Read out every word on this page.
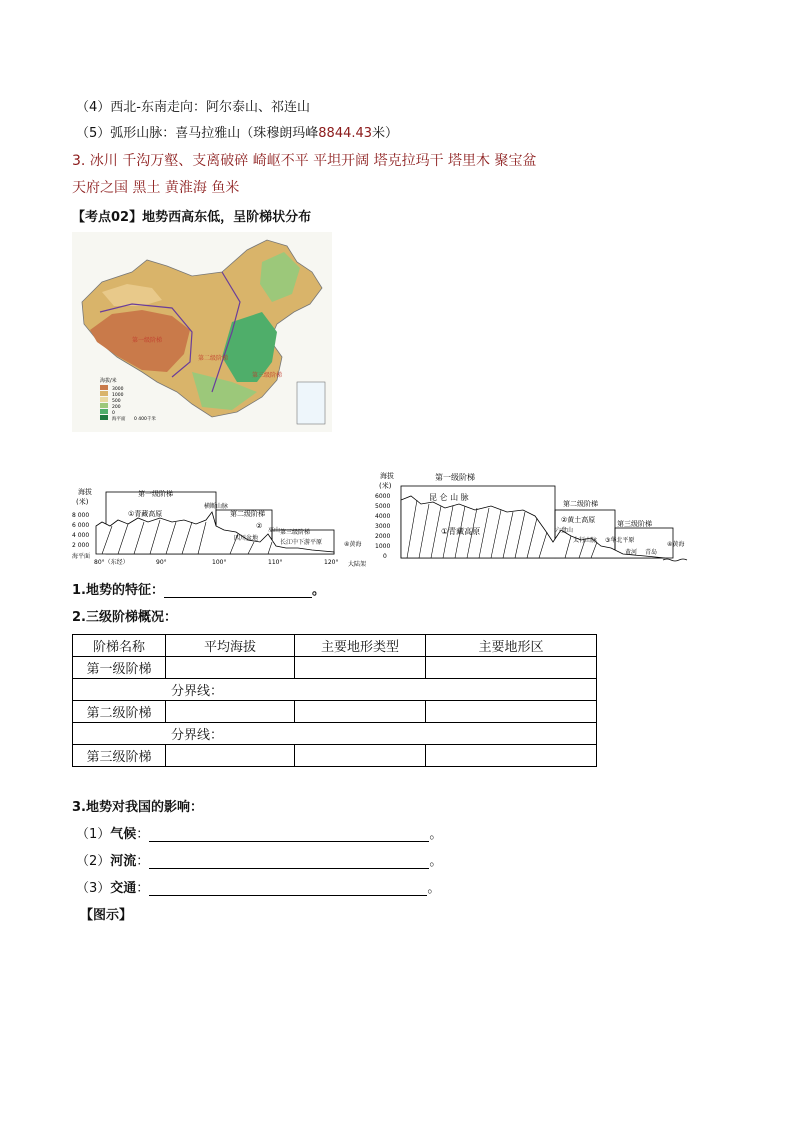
（4）西北-东南走向：阿尔泰山、祁连山
（5）弧形山脉：喜马拉雅山（珠穆朗玛峰8844.43米）
3. 冰川 千沟万壑、支离破碎 崎岖不平 平坦开阔 塔克拉玛干 塔里木 聚宝盆
天府之国 黑土 黄淮海 鱼米
【考点02】地势西高东低，呈阶梯状分布
第一级阶梯
第二级阶梯
第三级阶梯
海拔/米
3000
1000
500
200
0
海平面 0 400千米
海拔
(米)
8 000
6 000
4 000
2 000
海平面
第一级阶梯
第二级阶梯
第三级阶梯
①青藏高原
横断山脉
②
四川盆地
巫山
长江中下游平原	④黄海
80°（东经）	90°	100°	110°	120° 大陆架
海拔
(米)
6000
5000
4000
3000
2000
1000
0
第一级阶梯
昆 仑 山 脉
第二级阶梯
第三级阶梯
①青藏高原
②黄土高原
六盘山
太行山脉 ③华北平原
黄河 青岛
④黄海
1.地势的特征：	。
2.三级阶梯概况：
阶梯名称	平均海拔	主要地形类型	主要地形区
第一级阶梯			
分界线：			
第二级阶梯			
分界线：			
第三级阶梯			
3.地势对我国的影响：
（1）气候：	。
（2）河流：	。
（3）交通：	。
【图示】
